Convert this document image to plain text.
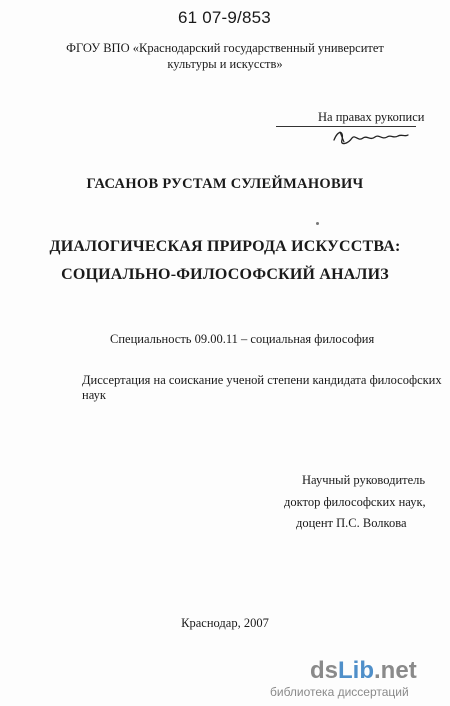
61 07-9/853
ФГОУ ВПО «Краснодарский государственный университет
культуры и искусств»
На правах рукописи
ГАСАНОВ РУСТАМ СУЛЕЙМАНОВИЧ
ДИАЛОГИЧЕСКАЯ ПРИРОДА ИСКУССТВА:
СОЦИАЛЬНО-ФИЛОСОФСКИЙ АНАЛИЗ
Специальность 09.00.11 – социальная философия
Диссертация на соискание ученой степени кандидата философских наук
Научный руководитель
доктор философских наук,
доцент П.С. Волкова
Краснодар, 2007
dsLib.net
библиотека диссертаций
